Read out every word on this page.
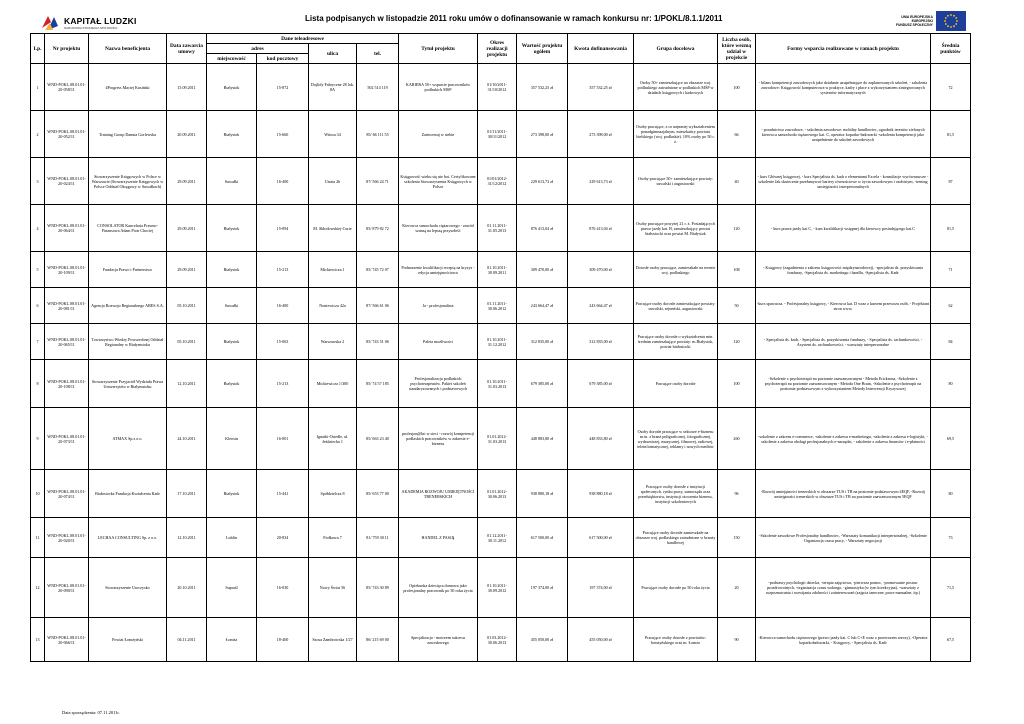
KAPITAŁ LUDZKI
NARODOWA STRATEGIA SPÓJNOŚCI
Lista podpisanych w listopadzie 2011 roku umów o dofinansowanie w ramach konkursu nr: 1/POKL/8.1.1/2011	UNIA EUROPEJSKA
EUROPEJSKI
FUNDUSZ SPOŁECZNY
Lp.	Nr projektu	Nazwa beneficjenta	Data zawarcia umowy	Dane teleadresowe				Tytuł projektu	Okres realizacji projektu	Wartość projektu ogółem	Kwota dofinansowania	Grupa docelowa	Liczba osób, które wezmą udział w projekcie	Formy wsparcia realizowane w ramach projektu	Średnia punktów
				adres		ulica	tel.								
				miejscowość	kod pocztowy										
1	WND-POKL.08.01.01-20-058/11	4Progress Maciej Kusiński	15.09.2011	Białystok	15-872	Dojlidy Fabryczne 28 lok. 8A	502 514 119	KARIERA 50+ wsparcie pracowników podlaskich MSP	01/10/2011-31/10/2012	357 532,25 zł	357 532,25 zł	Osoby 50+ zamieszkujące na obszarze woj. podlaskiego zatrudnione w podlaskich MŚP w działach księgowych i kadrowych	100	- bilans kompetencji zawodowych jako działanie uzupełniające do zaplanowanych szkoleń, - szkolenia zawodowe: Księgowość komputerowa w praktyce, kadry i płace z wykorzystaniem zintegrowanych systemów informatycznych	72
2	WND-POKL.08.01.01-20-052/11	Training Group Danuta Gorlewska	20.09.2011	Białystok	15-660	Witosa 34	85/ 66 111 55	Zainwestuj w siebie	01/11/2011-30/11/2012	273 398,00 zł	273 398,00 zł	Osoby pracujące, z co najmniej wykształceniem ponadgimnazjalnym, mieszkańcy powiatu bielskiego (woj. podlaskie). 10% osoby po 50 r. ż.	66	- poradnictwo zawodowe, - szkolenia zawodowe: mobilny handlowiec, ogrodnik terenów zielonych kierowca samochodu ciężarowego kat. C, operator koparko-ładowarki -szkolenia kompetencji jako uzupełnienie do szkoleń zawodowych	81,5
3	WND-POKL.08.01.01-20-024/11	Stowarzyszenie Księgowych w Polsce w Warszawie (Stowarzyszenie Księgowych w Polsce Oddział Okręgowy w Suwałkach)	29.09.2011	Suwałki	16-400	Utrata 2b	87/ 566 24 71	Księgowość wieku się nie boi. Certyfikowane szkolenia Stowarzyszenia Księgowych w Polsce	01/01/2012-31/12/2012	229 613,73 zł	229 613,73 zł	Osoby pracujące 50+ zamieszkujące powiaty: suwalski i augustowski	40	- kurs Głównej księgowej, - kurs Specjalista ds. kadr z elementami Excela - konsultacje wyrównawcze - szkolenie Jak skutecznie przełamywać bariery równościowe w życia zawodowym i osobistym, -trening umiejętności interpersonalnych	87
4	WND-POKL.08.01.01-20-064/11	CONSOLATOR Kancelaria Prawno-Finansowa Adam Piotr Chociej	29.09.2011	Białystok	15-094	M. Skłodowskiej-Curie	85/ 879 82 72	Kierowca samochodu ciężarowego - zawód szansą na lepszą przyszłość	01.11.2011-31.05.2013	876 413,04 zł	876 413,04 zł	Osoby pracujące powyżej 21 r. ż. Posiadających prawo jazdy kat. B, zamieszkujący powiat białostocki oraz powiat M. Białystok	120	- kurs prawa jazdy kat C, - kurs kwalifikacji wstępnej dla kierowcy posiadającego kat.C	81,5
5	WND-POKL.08.01.01-20-109/11	Fundacja Prawo i Partnerstwo	29.09.2011	Białystok	15-213	Mickiewicza 1	85/ 745 72 07	Podnoszenie kwalifikacji receptą na kryzys - edycja umiejętnościowa	01.10.2011-30.09.2011	309 470,00 zł	309 470,00 zł	Dorosłe osoby pracujące, zamieszkałe na terenie woj. podlaskiego	108	- Księgowy (zagadnienia z zakresu księgowości międzynarodowej), -specjalista ds. pozyskiwania funduszy, -Specjalista ds. marketingu i handlu, -Specjalista ds. Kadr	71
6	WND-POKL.08.01.01-20-081/11	Agencja Rozwoju Regionalnego ARES S.A.	05.10.2011	Suwałki	16-400	Noniewicza 42a	87/ 566 61 06	Ja - profesjonalista	01.11.2011-30.06.2012	243 664,47 zł	243 664,47 zł	Pracujące osoby dorosłe zamieszkujące powiaty: suwalski, sejneński, augustowski	50	-kurs spawacza, - Profesjonalny księgowy, - Kierowca kat. D wraz z kursem przewozu osób, - Projektant stron www,	62
7	WND-POKL.08.01.01-20-065/11	Towarzystwo Wiedzy Powszechnej Oddział Regionalny w Białymstoku	05.10.2011	Białystok	15-063	Warszawska 2	85/ 743 51 06	Paleta możliwości	01.10.2011-31.12.2012	312 835,00 zł	312 835,00 zł	Pracujące osoby dorosłe o wykształceniu min. średnim zamieszkujące powiaty: m.Białystok, powiat białostocki	120	- Specjalista ds. kadr, - Specjalista ds. pozyskiwania funduszy, - Specjalista ds. rachunkowości, - Asystent ds. rachunkowości, - warsztaty interpersonalne	84
8	WND-POKL.08.01.01-20-108/11	Stowarzyszenie Przyjaciół Wydziału Prawa Uniwersytetu w Białymstoku	12.10.2011	Białystok	15-213	Mickiewicza 1/300	85/ 74 57 185	Profesjonalizacja podlaskich psychoterapeutów. Pakiet szkoleń standaryzowanych i podstawowych	01.10.2011-31.03.2013	679 385,00 zł	679 385,00 zł	Pracujące osoby dorosłe	100	-Szkolenie z psychoterapii na poziomie zaawansowanym - Metoda Ericksona, -Szkolenie z psychoterapii na poziomie zaawansowanym - Metoda One Brain, -Szkolenie z psychoterapii na poziomie podstawowym z wykorzystaniem Metody Interwencji Kryzysowej	80
9	WND-POKL.08.01.01-20-073/11	ATMAX Sp.z o.o.	24.10.2011	Kleosin	16-001	Ignatki-Osiedle, ul. Jeździecka 1	85/ 663 23 40	profesjon@lni w sieci - rozwój kompetencji podlaskich pracowników w zakresie e-biznesu	01.01.2012-31.03.2013	448 883,80 zł	448 833,80 zł	Osoby dorosłe pracujące w sektorze e-biznesu m.in. z branż poligraficznej, fotograficznej, wydawniczej, muzycznej, filmowej, radiowej, teleinformatycznej, reklamy i nowych mediów	260	-szkolenie z zakresu e-commerce, -szkolenie z zakresu e-marketingu, -szkolenie z zakresu e-logistyki, -szkolenie z zakresu obsługi profesjonalnych e-narzędzi, - szkolenie z zakresu finansów i e-płatności	69,5
10	WND-POKL.08.01.01-20-074/11	Białostocka Fundacja Kształcenia Kadr	17.10.2011	Białystok	15-441	Spółdzielcza 8	85/ 653 77 00	AKADEMIA ROZWOJU UMIEJĘTNOŚCI TRENERSKICH	01.01.2012-30.06.2013	938 880,18 zł	938 880,18 zł	Pracujące osoby dorosłe z instytucji społecznych, rynku pracy, samorządu oraz przedsiębiorstw, instytucji otoczenia biznesu, instytucji szkoleniowych	96	-Rozwój umiejętności trenerskich w obszarze TUS i TB na poziomie podstawowym 4EQF, -Rozwój umiejętności trenerskich w obszarze TUS i TB na poziomie zaawansowanym 5EQF	80
11	WND-POKL.08.01.01-20-020/11	LECHAA CONSULTING Sp. z o.o.	12.10.2011	Lublin	20-834	Fiołkowa 7	81/ 759 30 11	HANDEL Z PASJĄ	01.12.2011-30.11.2012	617 500,00 zł	617 500,00 zł	Pracujące osoby dorosłe zamieszkałe na obszarze woj. podlaskiego zatrudnione w branży handlowej	150	-Szkolenie zawodowe Profesjonalny handlowiec, -Warsztaty komunikacji interpersonalnej, -Szkolenie Organizacja czasu pracy, - Warsztaty negocjacji	73
12	WND-POKL.08.01.01-20-090/11	Stowarzyszenie Uroczysko	20.10.2011	Supraśl	16-030	Nowy Świat 56	85/ 743 30 89	Opiekunka dziecięca domowa jako profesjonalny pracownik po 50 roku życia	01.10.2011-30.09.2012	197 374,00 zł	197 374,00 zł	Pracujące osoby dorosłe po 50 roku życia	20	-podstawy psychologii dziecka, -terapia zajęciowa, -pierwsza pomoc, -promowanie postaw prozdrowotnych, -organizacja czasu wolnego, -gimnastyka (w tym korekcyjna), -warsztaty z rozpoznawania i rozwijania zdolności i zainteresowań (zajęcia taneczne, prace manualne, itp.)	71,5
13	WND-POKL.08.01.01-20-066/11	Powiat Łomżyński	04.11.2011	Łomża	18-400	Szosa Zambrowska 1/27	86/ 215 69 00	Specjalizacja - motorem sukcesu zawodowego	01.03.2012-30.06.2013	455 050,00 zł	455 050,00 zł	Pracujące osoby dorosłe z powiatów: łomżyńskiego oraz m. Łomża	90	-Kierowca samochodu ciężarowego (prawo jazdy kat. C lub C+E wraz z przewozem rzeczy), -Operator koparkoładowarki, - Księgowy, - Specjalista ds. Kadr	67,5
Data sporządzenia: 07.11.2011r.
